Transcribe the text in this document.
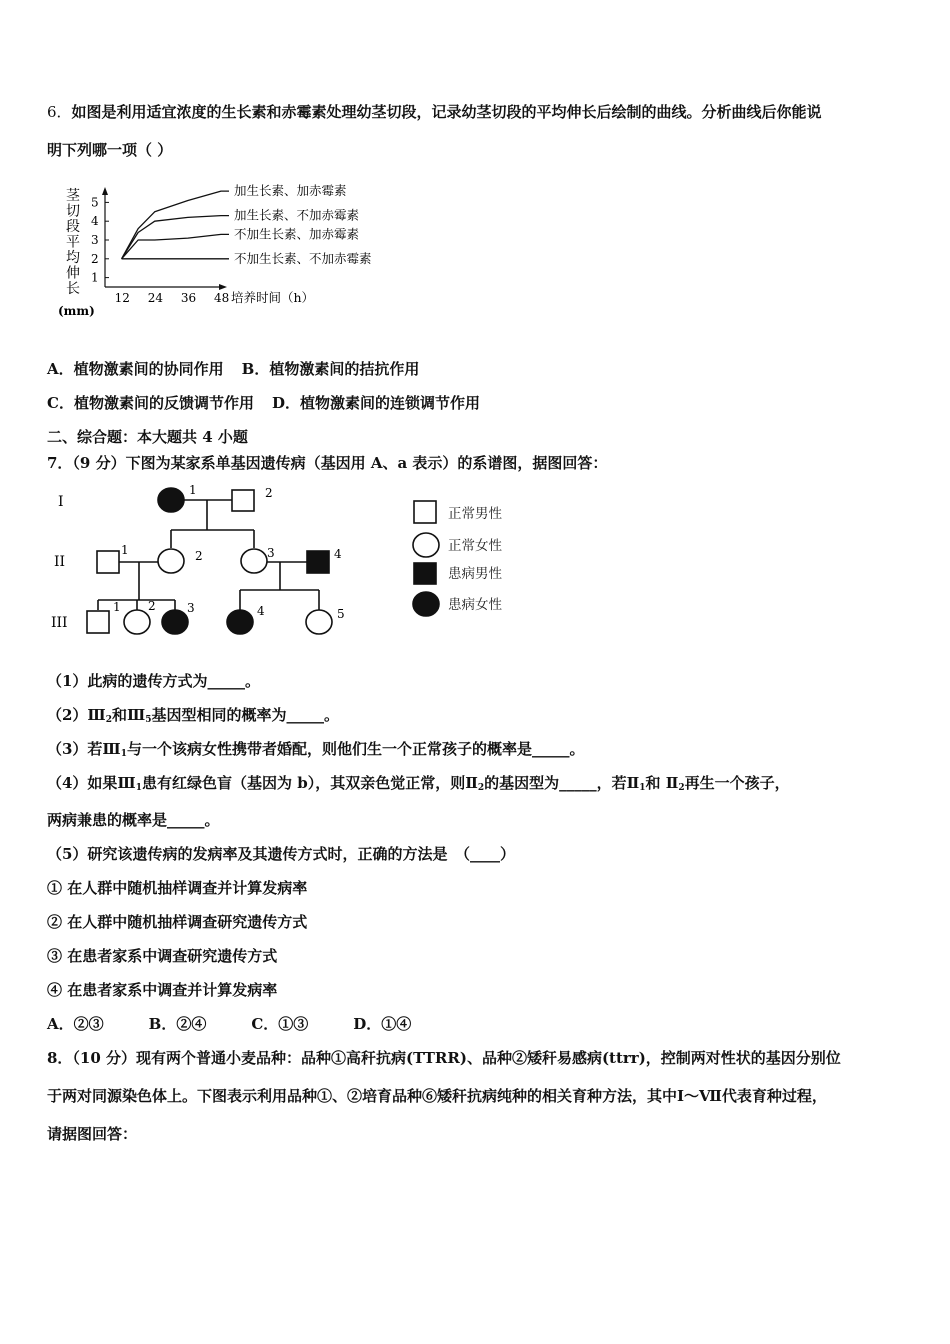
6．如图是利用适宜浓度的生长素和赤霉素处理幼茎切段，记录幼茎切段的平均伸长后绘制的曲线。分析曲线后你能说
明下列哪一项（ ）
茎
切
段
平
均
伸
长
(mm)
1
2
3
4
5
12 24 36 48
加生长素、加赤霉素
加生长素、不加赤霉素
不加生长素、加赤霉素
不加生长素、不加赤霉素
培养时间（h）
A．植物激素间的协同作用 B．植物激素间的拮抗作用
C．植物激素间的反馈调节作用 D．植物激素间的连锁调节作用
二、综合题：本大题共 4 小题
7．（9 分）下图为某家系单基因遗传病（基因用 A、a 表示）的系谱图，据图回答：
I
II
III
1	2
1	2	3	4
1 2	3	4	5
正常男性
正常女性
患病男性
患病女性
（1）此病的遗传方式为_____。
$(2)Ⅲ_2$和$Ⅲ_5$基因型相同的概率为_____。
（3）若$Ⅲ_1$与一个该病女性携带者婚配，则他们生一个正常孩子的概率是_____。
（4）如果$Ⅲ_1$患有红绿色盲（基因为 b），其双亲色觉正常，则$Ⅱ_2$的基因型为_____，若$Ⅱ_1$和 $Ⅱ_2$再生一个孩子，
两病兼患的概率是_____。
（5）研究该遗传病的发病率及其遗传方式时，正确的方法是　（____）
① 在人群中随机抽样调查并计算发病率
② 在人群中随机抽样调查研究遗传方式
③ 在患者家系中调查研究遗传方式
④ 在患者家系中调查并计算发病率
A．②③　　　B．②④　　　C．①③　　　D．①④
8．（10 分）现有两个普通小麦品种：品种①高秆抗病(TTRR)、品种②矮秆易感病(ttrr)，控制两对性状的基因分别位
于两对同源染色体上。下图表示利用品种①、②培育品种⑥矮秆抗病纯种的相关育种方法，其中Ⅰ～Ⅶ代表育种过程，
请据图回答：
